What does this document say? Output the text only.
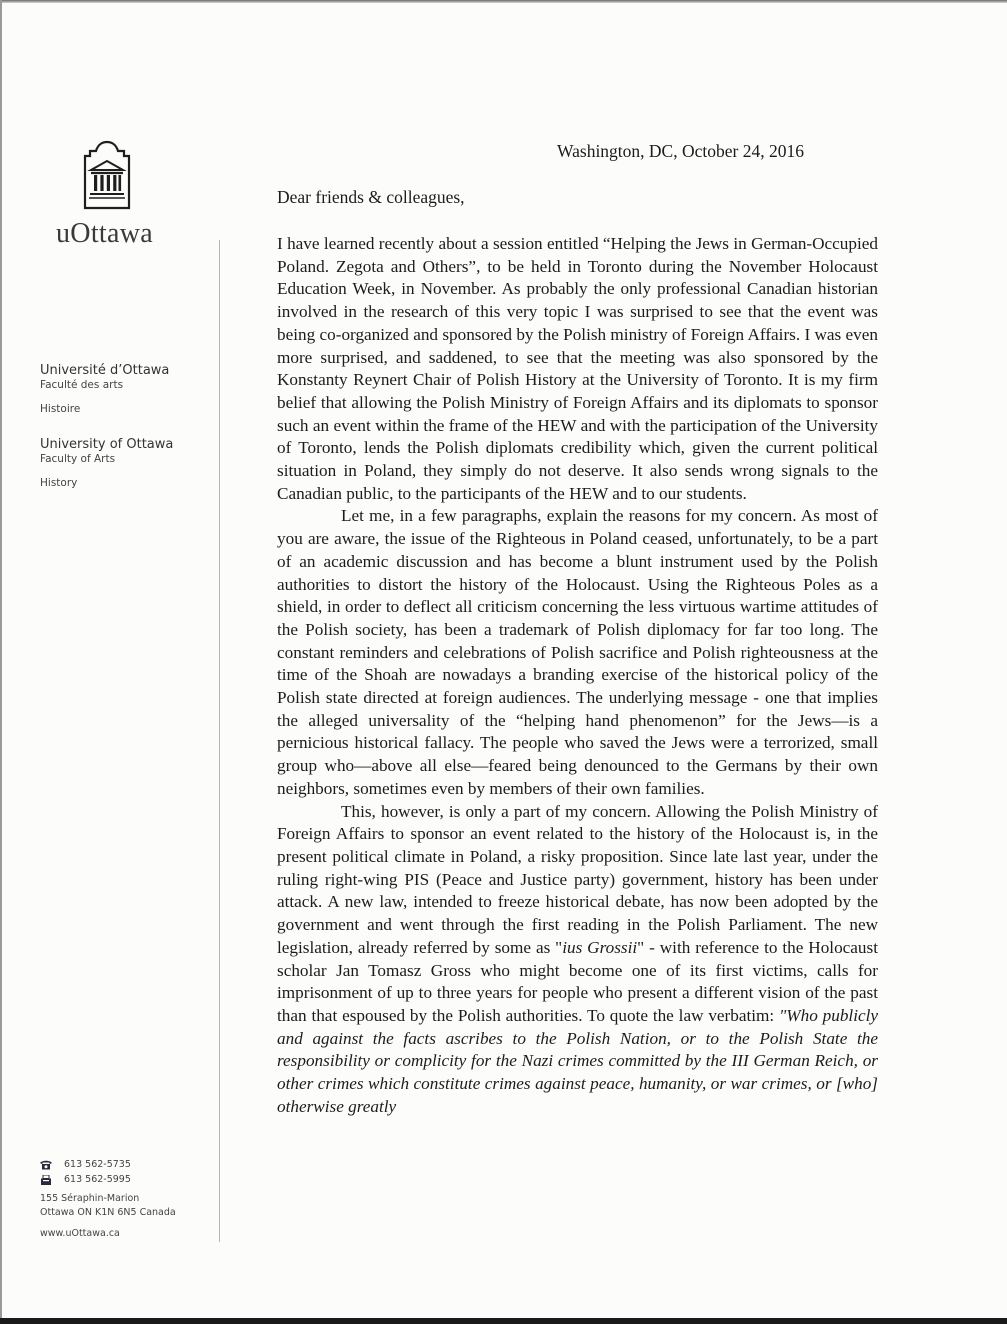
uOttawa
Université d’Ottawa
Faculté des arts
Histoire
University of Ottawa
Faculty of Arts
History
613 562-5735
613 562-5995
155 Séraphin-Marion
Ottawa ON K1N 6N5 Canada
www.uOttawa.ca
Washington, DC, October 24, 2016
Dear friends & colleagues,

I have learned recently about a session entitled “Helping the Jews in German-Occupied Poland. Zegota and Others”, to be held in Toronto during the November Holocaust Education Week, in November. As probably the only professional Canadian historian involved in the research of this very topic I was surprised to see that the event was being co-organized and sponsored by the Polish ministry of Foreign Affairs. I was even more surprised, and saddened, to see that the meeting was also sponsored by the Konstanty Reynert Chair of Polish History at the University of Toronto. It is my firm belief that allowing the Polish Ministry of Foreign Affairs and its diplomats to sponsor such an event within the frame of the HEW and with the participation of the University of Toronto, lends the Polish diplomats credibility which, given the current political situation in Poland, they simply do not deserve. It also sends wrong signals to the Canadian public, to the participants of the HEW and to our students.

Let me, in a few paragraphs, explain the reasons for my concern. As most of you are aware, the issue of the Righteous in Poland ceased, unfortunately, to be a part of an academic discussion and has become a blunt instrument used by the Polish authorities to distort the history of the Holocaust. Using the Righteous Poles as a shield, in order to deflect all criticism concerning the less virtuous wartime attitudes of the Polish society, has been a trademark of Polish diplomacy for far too long. The constant reminders and celebrations of Polish sacrifice and Polish righteousness at the time of the Shoah are nowadays a branding exercise of the historical policy of the Polish state directed at foreign audiences. The underlying message - one that implies the alleged universality of the “helping hand phenomenon” for the Jews—is a pernicious historical fallacy. The people who saved the Jews were a terrorized, small group who—above all else—feared being denounced to the Germans by their own neighbors, sometimes even by members of their own families.

This, however, is only a part of my concern. Allowing the Polish Ministry of Foreign Affairs to sponsor an event related to the history of the Holocaust is, in the present political climate in Poland, a risky proposition. Since late last year, under the ruling right-wing PIS (Peace and Justice party) government, history has been under attack. A new law, intended to freeze historical debate, has now been adopted by the government and went through the first reading in the Polish Parliament. The new legislation, already referred by some as "ius Grossii" - with reference to the Holocaust scholar Jan Tomasz Gross who might become one of its first victims, calls for imprisonment of up to three years for people who present a different vision of the past than that espoused by the Polish authorities. To quote the law verbatim: "Who publicly and against the facts ascribes to the Polish Nation, or to the Polish State the responsibility or complicity for the Nazi crimes committed by the III German Reich, or other crimes which constitute crimes against peace, humanity, or war crimes, or [who] otherwise greatly
